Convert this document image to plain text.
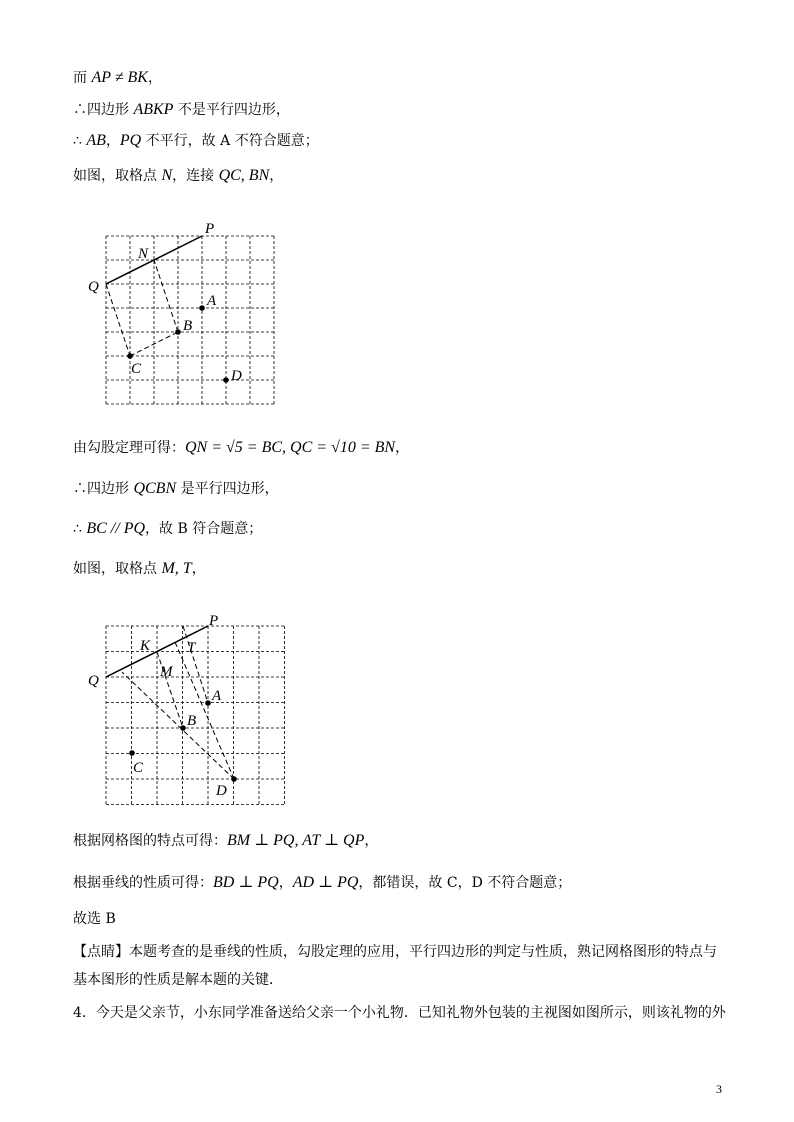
而 AP ≠ BK，
∴四边形 ABKP 不是平行四边形，
∴ AB，PQ 不平行，故 A 不符合题意；
如图，取格点 N，连接 QC, BN，
P
N
Q
A
B
C	D
由勾股定理可得：QN = √5 = BC, QC = √10 = BN，
∴四边形 QCBN 是平行四边形，
∴ BC // PQ，故 B 符合题意；
如图，取格点 M, T，
P
K T
M
Q
A
B
C
D
根据网格图的特点可得：BM ⊥ PQ, AT ⊥ QP，
根据垂线的性质可得：BD ⊥ PQ，AD ⊥ PQ，都错误，故 C，D 不符合题意；
故选 B
【点睛】本题考查的是垂线的性质，勾股定理的应用，平行四边形的判定与性质，熟记网格图形的特点与
基本图形的性质是解本题的关键．
4．今天是父亲节，小东同学准备送给父亲一个小礼物．已知礼物外包装的主视图如图所示，则该礼物的外
3
